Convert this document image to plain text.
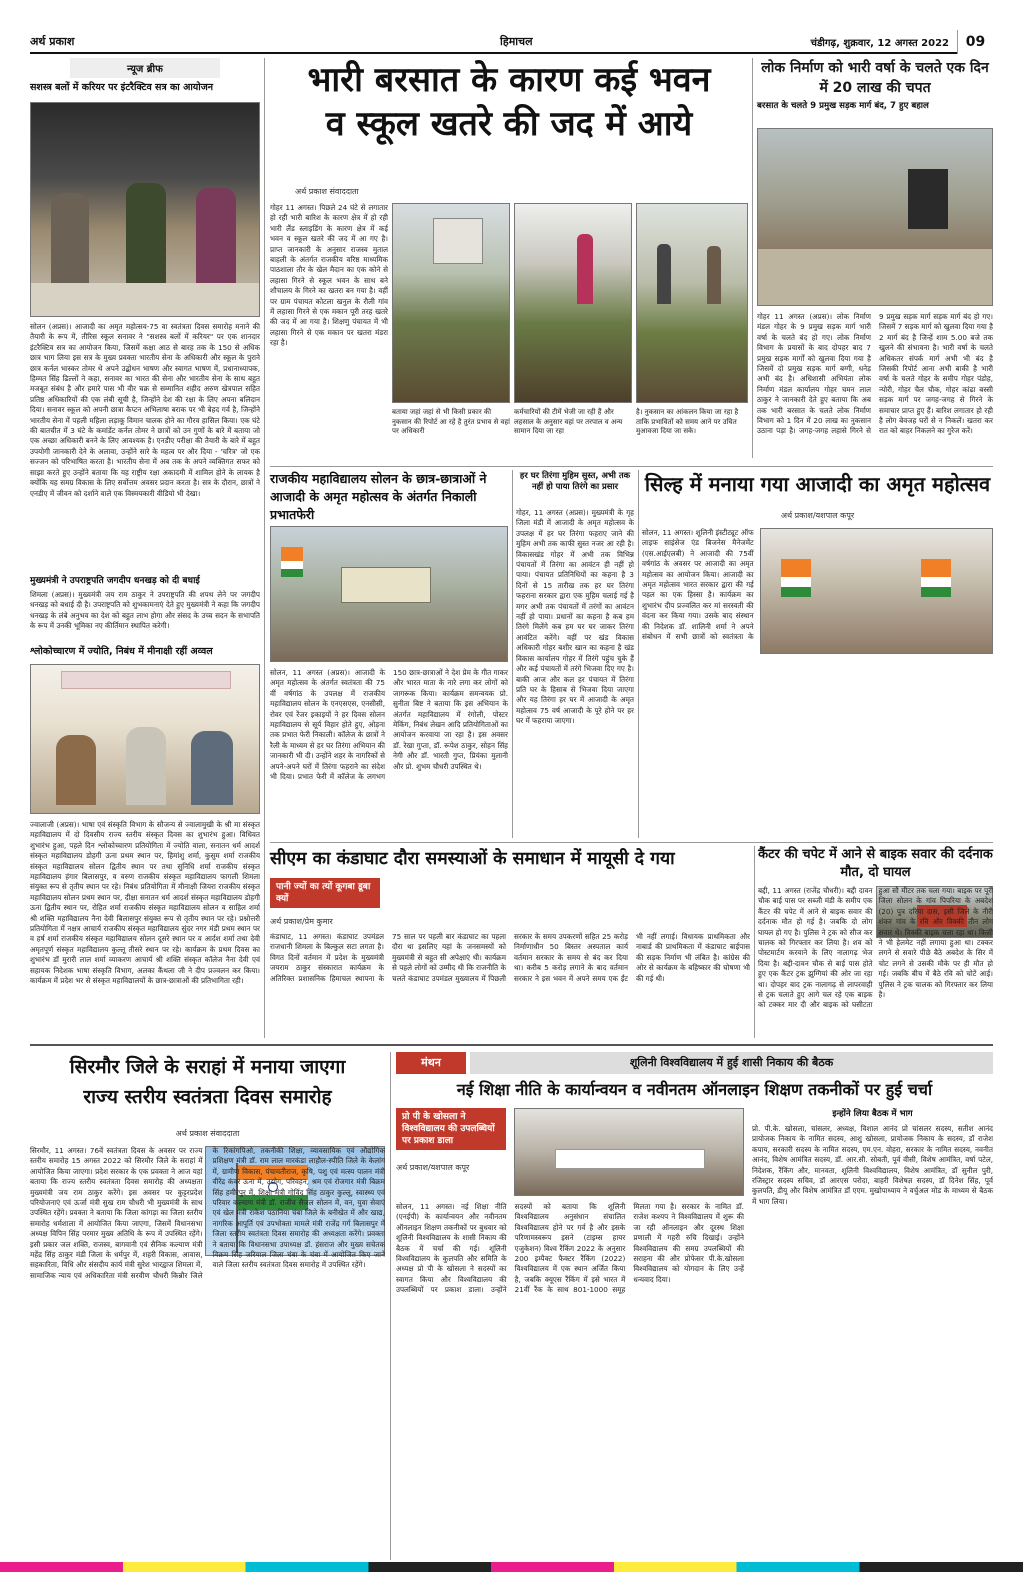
अर्थ प्रकाश	हिमाचल	चंडीगढ़, शुक्रवार, 12 अगस्त 2022	09
न्यूज ब्रीफ
सशस्त्र बलों में करियर पर इंटरैक्टिव सत्र का आयोजन
सोलन (अप्रस)। आजादी का अमृत महोत्सव-75 वा स्वतंत्रता दिवस समारोह मनाने की तैयारी के रूप में, तीरिस स्कूल सनावर ने "सशस्त्र बलों में करियर" पर एक शानदार इंटरैक्टिव सत्र का आयोजन किया, जिसमें कक्षा आठ से बारह तक के 150 से अधिक छात्र भाग लिया इस सत्र के मुख्य प्रवक्ता भारतीय सेना के अधिकारी और स्कूल के पुराने छात्र कर्नल भास्कर तोमर थे अपने उद्बोधन भाषण और स्वागत भाषण में, प्रधानाध्यापक, हिम्मत सिंह ढिल्लों ने कहा, सनावर का भारत की सेना और भारतीय सेना के साथ बहुत मजबूत संबंध है और हमारे पास भी वीर चक्र से सम्मानित शहीद अरुण खेत्रपाल सहित प्रतिष्ठ अधिकारियों की एक लंबी सूची है, जिन्होंने देश की रक्षा के लिए अपना बलिदान दिया। सनावर स्कूल को अपनी छात्रा कैप्टन अभिलाषा बराक पर भी बेहद गर्व है, जिन्होंने भारतीय सेना में पहली महिला लड़ाकू विमान चालक होने का गौरव हासिल किया। एक घंटे की बातचीत में 3 घंटे के कमांडेंट कर्नल तोमर ने छात्रों को उन गुणों के बारे में बताया जो एक अच्छा अधिकारी बनने के लिए आवश्यक है। एनडीए परीक्षा की तैयारी के बारे में बहुत उपयोगी जानकारी देने के अलावा, उन्होंने सारे के महत्व पर और दिया - 'चरित्र' जो एक सज्जन को परिभाषित करता है। भारतीय सेना में अब तक के अपने व्यक्तिगत सफर को साझा करते हुए उन्होंने बताया कि यह राष्ट्रीय रक्षा अकादमी में शामिल होने के लायक है क्योंकि यह समग्र विकास के लिए सर्वोत्तम अवसर प्रदान करता है। सत्र के दौरान, छात्रों ने एनडीए में जीवन को दर्शाने वाले एक विस्मयकारी वीडियो भी देखा।
मुख्यमंत्री ने उपराष्ट्रपति जगदीप धनखड़ को दी बधाई
शिमला (अप्रस)। मुख्यमंत्री जय राम ठाकुर ने उपराष्ट्रपति की शपथ लेने पर जगदीप धनखड़ को बधाई दी है। उपराष्ट्रपति को शुभकामनाएं देते हुए मुख्यमंत्री ने कहा कि जगदीप धनखड़ के लंबे अनुभव का देश को बहुत लाभ होगा और संसद के उच्च सदन के सभापति के रूप में उनकी भूमिका नए कीर्तिमान स्थापित करेगी।
श्लोकोच्चारण में ज्योति, निबंध में मीनाक्षी रहीं अव्वल
ज्वालाजी (अप्रस)। भाषा एवं संस्कृति विभाग के सौजन्य से ज्वालामुखी के श्री मा संस्कृत महाविद्यालय में दो दिवसीय राज्य स्तरीय संस्कृत दिवस का शुभारंभ हुआ। विधिवत शुभारंभ हुआ, पहले दिन श्लोकोच्चारण प्रतियोगिता में ज्योति वाला, सनातन धर्म आदर्श संस्कृत महाविद्यालय डोहगी ऊना प्रथम स्थान पर, हिमांशु शर्मा, कुसुम शर्मा राजकीय संस्कृत महाविद्यालय सोलन द्वितीय स्थान पर तथा सुनिधि शर्मा राजकीय संस्कृत महाविद्यालय हंगार बिलासपुर, व वरुण राजकीय संस्कृत महाविद्यालय फागली शिमला संयुक्त रूप से तृतीय स्थान पर रहे। निबंध प्रतियोगिता में मीनाक्षी जियरा राजकीय संस्कृत महाविद्यालय सोलन प्रथम स्थान पर, दीक्षा सनातन धर्म आदर्श संस्कृत महाविद्यालय डोहगी ऊना द्वितीय स्थान पर, रोहित शर्मा राजकीय संस्कृत महाविद्यालय सोलन व साहिल शर्मा श्री शक्ति महाविद्यालय नैना देवी बिलासपुर संयुक्त रूप से तृतीय स्थान पर रहे। प्रश्नोत्तरी प्रतियोगिता में नक्षत्र आचार्य राजकीय संस्कृत महाविद्यालय सुंदर नगर मंडी प्रथम स्थान पर व हर्ष शर्मा राजकीय संस्कृत महाविद्यालय सोलन दूसरे स्थान पर व आर्दश शर्मा तथा देवी अमृतपूर्ण संस्कृत महाविद्यालय कुल्लू तीसरे स्थान पर रहे। कार्यक्रम के प्रथम दिवस का शुभारंभ डॉ मुरारी लाल शर्मा व्याकरण आचार्य श्री शक्ति संस्कृत कॉलेज नैना देवी एवं सहायक निदेशक भाषा संस्कृति विभाग, अलका कैंथला जी ने दीप प्रज्वलन कर किया। कार्यक्रम में प्रदेश भर से संस्कृत महाविद्यालयों के छात्र-छात्राओं की प्रतिभागिता रही।
भारी बरसात के कारण कई भवन
व स्कूल खतरे की जद में आये
अर्थ प्रकाश संवाददाता
गोहर 11 अगस्त। पिछले 24 घंटे से लगातार हो रही भारी बारिश के कारण क्षेत्र में हो रही भारी लैंड स्लाइडिंग के कारण क्षेत्र में कई भवन व स्कूल खतरे की जद में आ गए है। प्राप्त जानकारी के अनुसार राजस्व मुताल बाहली के अंतर्गत राजकीय वरिष्ठ माध्यमिक पाठशाला तौर के खेल मैदान का एक कोने से लहासा गिरने से स्कूल भवन के साथ बने शौचालय के गिरने का खतरा बन गया है। वहीं पर ग्राम पंचायत कोटला खनुल के रौली गांव में लहासा गिरने से एक मकान पूरी तरह खतरे की जद में आ गया है। शिक्षणु पंचायत में भी लहासा गिरने से एक मकान पर खतरा मंडरा रहा है।
बताया जहां जहां से भी किसी प्रकार की नुकसान की रिपोर्ट आ रहे है तुरंत प्रभाव से वहां पर अधिकारी
कर्मचारियों की टीमें भेजी जा रही हैं और लहसाल के अनुसार वहां पर तरपाल व अन्य सामान दिया जा रहा
है। नुकसान का आंकलन किया जा रहा है ताकि प्रभावितों को समय आने पर उचित मुआवजा दिया जा सके।
लोक निर्माण को भारी वर्षा के चलते एक दिन में 20 लाख की चपत
बरसात के चलते 9 प्रमुख सड़क मार्ग बंद, 7 हुए बहाल
गोहर 11 अगस्त (अप्रस)। लोक निर्माण मंडल गोहर के 9 प्रमुख सड़क मार्ग भारी वर्षा के चलते बंद हो गए। लोक निर्माण विभाग के प्रयासों के बाद दोपहर बाद 7 प्रमुख सड़क मार्गों को खुलवा दिया गया है जिसमें दो प्रमुख सड़क मार्ग बग्गी, धनेड़ अभी बंद है। अधिशासी अभियंता लोक निर्माण मंडल कार्यालय गोहर चमन लाल ठाकुर ने जानकारी देते हुए बताया कि अब तक भारी बरसात के चलते लोक निर्माण विभाग को 1 दिन में 20 लाख का नुकसान उठाना पड़ा है। जगह-जगह लहासे गिरने से 9 प्रमुख सड़क मार्ग सड़क मार्ग बंद हो गए। जिसमें 7 सड़क मार्ग को खुलवा दिया गया है 2 मार्ग बंद है जिन्हें शाम 5.00 बजे तक खुलने की संभावना है। भारी वर्षा के चलते अधिकतर संपर्क मार्ग अभी भी बंद है जिसकी रिपोर्ट आना अभी बाकी है भारी वर्षा के चलते गोहर के समीप गोहर पंडोह, न्योरी, गोहर चैल चौक, गोहर कांढा बस्सी सड़क मार्ग पर जगह-जगह से गिरने के समाचार प्राप्त हुए हैं। बारिश लगातार हो रही है लोग बेवजह घरों से न निकलें। खतरा कर रात को बाहर निकलने का गुरेज करें।
राजकीय महाविद्यालय सोलन के छात्र-छात्राओं ने आजादी के अमृत महोत्सव के अंतर्गत निकाली प्रभातफेरी
सोलन, 11 अगस्त (अप्रस)। आजादी के अमृत महोत्सव के अंतर्गत स्वतंत्रता की 75 वीं वर्षगांठ के उपलक्ष में राजकीय महाविद्यालय सोलन के एनएसएस, एनसीसी, रोवर एवं रेंजर इकाइयों ने हर दिवस सोलन महाविद्यालय से सूर्य विहार होते हुए, ओड़ना तक प्रभात फेरी निकाली। कॉलेज के छात्रों ने रैली के माध्यम से हर घर तिरंगा अभियान की जानकारी भी दी। उन्होंने शहर के नागरिकों से अपने-अपने घरों में तिरंगा फहराने का संदेश भी दिया। प्रभात फेरी में कॉलेज के लगभग 150 छात्र-छात्राओं ने देश प्रेम के गीत गाकर और भारत माता के नारे लगा कर लोगों को जागरूक किया। कार्यक्रम समन्वयक प्रो. सुनीता बिष्ट ने बताया कि इस अभियान के अंतर्गत महाविद्यालय में रंगोली, पोस्टर मेकिंग, निबंध लेखन आदि प्रतियोगिताओं का आयोजन करवाया जा रहा है। इस अवसर डॉ. रेखा गुप्ता, डॉ. रूपेश ठाकुर, सोहन सिंह नेगी और डॉ. भारती गुप्त, प्रियंका मुलानी और प्रो. शुभम चौधरी उपस्थित थे।
हर घर तिरंगा मुहिम सुस्त, अभी तक नहीं हो पाया तिरंगे का प्रसार
गोहर, 11 अगस्त (अप्रस)। मुख्यमंत्री के गृह जिला मंडी में आजादी के अमृत महोत्सव के उपलक्ष में हर घर तिरंगा फहराए जाने की मुहिम अभी तक काफी सुस्त नजर आ रही है। विकासखंड गोहर में अभी तक विभिन्न पंचायतों में तिरंगा का आवंटन ही नहीं हो पाया। पंचायत प्रतिनिधियों का कहना है 3 दिनों से 15 तारीख तक हर घर तिरंगा फहराना सरकार द्वारा एक मुहिम चलाई गई है मगर अभी तक पंचायतों में तरंगों का आवंटन नहीं हो पाया। प्रधानों का कहना है कब हम तिरंगे मिलेंगे कब हम घर घर जाकर तिरंगा आवंटित करेंगे। वहीं पर खंड विकास अधिकारी गोहर बशीर खान का कहना है खंड विकास कार्यालय गोहर में तिरंगे पहुंच चुके हैं और कई पंचायतों में तरंगे भिजवा दिए गए है। बाकी आज और कल हर पंचायत में तिरंगा प्रति घर के हिसाब से भिजवा दिया जाएगा और यह तिरंगा हर घर में आजादी के अमृत महोत्सव 75 वर्ष आजादी के पूरे होने पर हर घर में फहराया जाएगा।
सिल्ह में मनाया गया आजादी का अमृत महोत्सव
अर्थ प्रकाश/यशपाल कपूर
सोलन, 11 अगस्त। शूलिनी इंस्टीट्यूट ऑफ लाइफ साइंसेज एंड बिजनेस मैनेजमेंट (एस.आईएलबी) ने आजादी की 75वीं वर्षगांठ के अवसर पर आजादी का अमृत महोत्सव का आयोजन किया। आजादी का अमृत महोत्सव भारत सरकार द्वारा की गई पहल का एक हिस्सा है। कार्यक्रम का शुभारंभ दीप प्रज्वलित कर मां सरस्वती की वंदना कर किया गया। उसके बाद संस्थान की निदेशक डॉ. शालिनी शर्मा ने अपने संबोधन में सभी छात्रों को स्वतंत्रता के
सीएम का कंडाघाट दौरा समस्याओं के समाधान में मायूसी दे गया
पानी ज्यों का त्यों कूगबा डूबा क्यों
अर्थ प्रकाश/प्रेम कुमार
कंडाघाट, 11 अगस्त। कंडाघाट उपमंडल राजधानी शिमला के बिल्कुल सटा लगता है। विगत दिनों वर्तमान में प्रदेश के मुख्यमंत्री जयराम ठाकुर संस्कारात कार्यक्रम के अतिरिक्त प्रशासनिक हिमाचल स्थापना के 75 साल पर पहली बार कंडाघाट का पहला दौरा था इसलिए यहां के जनसमस्यों को मुख्यमंत्री से बहुत सी अपेक्षाएं थी। कार्यक्रम से पहले लोगों को उम्मीद थी कि राजनीति के चलते कंडाघाट उपमंडल मुख्यालय में पिछली सरकार के समय उपकरणों सहित 25 करोड़ निर्माणाधीन 50 बिस्तर अस्पताल कार्य वर्तमान सरकार के समय से बंद कर दिया था। करीब 5 करोड़ लगाने के बाद वर्तमान सरकार ने इस भवन में अपने समय एक ईंट भी नहीं लगाई। विधायक प्राथमिकता और नाबार्ड की प्राथमिकता में कंडाघाट बाईपास की सड़क निर्माण भी लंबित है। कांग्रेस की ओर से कार्यक्रम के बहिष्कार की घोषणा भी की गई थी।
कैंटर की चपेट में आने से बाइक सवार की दर्दनाक मौत, दो घायल
बद्दी, 11 अगस्त (राजेंद्र चौधरी)। बद्दी दावन चौक बाई पास पर सब्जी मंडी के समीप एक कैंटर की चपेट में आने से बाइक सवार की दर्दनाक मौत हो गई है। जबकि दो लोग घायल हो गए है। पुलिस ने ट्रक को सीज कर चालक को गिरफ्तार कर लिया है। शव को पोस्टमार्टम करवाने के लिए नालागढ़ भेज दिया है। बद्दी-दावन चौक से बाई पास होते हुए एक कैंटर ट्रक झुग्गियां की ओर जा रहा था। दोपहर बाद ट्रक नालागढ़ से लापरवाही से ट्रक चलाते हुए आगे चल रहे एक बाइक को टक्कर मार दी और बाइक को घसीटता हुआ सौ मीटर तक चला गया। बाइक पर पूरी जिला सोलन के गांव पिपरिया के अबदेश (20) पुत्र दरिया दास, इसी जिले के नीरी शंकर गांव के रवि और विक्की तीन लोग सवार थे। विक्की बाइक चला रहा था। किसी ने भी हेलमेट नहीं लगाया हुआ था। टक्कर लगने से सवारे पीछे बैठे अबदेश के सिर में चोट लगने से उसकी मौके पर ही मौत हो गई। जबकि बीच में बैठे रवि को चोटें आई। पुलिस ने ट्रक चालक को गिरफ्तार कर लिया है।
सिरमौर जिले के सराहां में मनाया जाएगा
राज्य स्तरीय स्वतंत्रता दिवस समारोह
अर्थ प्रकाश संवाददाता
सिरमौर, 11 अगस्त। 76वें स्वतंत्रता दिवस के अवसर पर राज्य स्तरीय समारोह 15 अगस्त 2022 को सिरमौर जिले के सराहां में आयोजित किया जाएगा। प्रदेश सरकार के एक प्रवक्ता ने आज यहां बताया कि राज्य स्तरीय स्वतंत्रता दिवस समारोह की अध्यक्षता मुख्यमंत्री जय राम ठाकुर करेंगे। इस अवसर पर कुट्टरप्रदेश परियोजनाएं एवं ऊर्जा मंत्री सुख राम चौधरी भी मुख्यमंत्री के साथ उपस्थित रहेंगे। प्रवक्ता ने बताया कि जिला कांगड़ा का जिला स्तरीय समारोह धर्मशाला में आयोजित किया जाएगा, जिसमें विधानसभा अध्यक्ष विपिन सिंह परमार मुख्य अतिथि के रूप में उपस्थित रहेंगे। इसी प्रकार जल शक्ति, राजस्व, बागवानी एवं सैनिक कल्याण मंत्री महेंद्र सिंह ठाकुर मंडी जिला के धर्मपुर में, शहरी विकास, आवास, सहकारिता, विधि और संसदीय कार्य मंत्री सुरेश भारद्वाज शिमला में, सामाजिक न्याय एवं अधिकारिता मंत्री सरवीण चौधरी किन्नौर जिले के रिकांगपिओ, तकनीकी शिक्षा, व्यावसायिक एवं औद्योगिक प्रशिक्षण मंत्री डॉ. राम लाल मारकंडा लाहौल-स्पीति जिले के केलांग में, ग्रामीण विकास, पंचायतीराज, कृषि, पशु एवं मत्स्य पालन मंत्री वीरेंद्र कंवर ऊना में, उद्योग, परिवहन, श्रम एवं रोजगार मंत्री बिक्रम सिंह हमीरपुर में, शिक्षा मंत्री गोविंद सिंह ठाकुर कुल्लू, स्वास्थ्य एवं परिवार कल्याण मंत्री डॉ. राजीव सैजल सोलन में, वन, युवा सेवाएं एवं खेल मंत्री राकेश पठानिया चंबा जिले के बनीखेत में और खाद्य, नागरिक आपूर्ति एवं उपभोक्ता मामले मंत्री राजेंद्र गर्ग बिलासपुर में जिला स्तरीय स्वतंत्रता दिवस समारोह की अध्यक्षता करेंगे। प्रवक्ता ने बताया कि विधानसभा उपाध्यक्ष डॉ. हंसराज और मुख्य सचेतक विक्रम सिंह जरियाल जिला चंबा के चंबा में आयोजित किए जाने वाले जिला स्तरीय स्वतंत्रता दिवस समारोह में उपस्थित रहेंगे।
मंथन	शूलिनी विश्वविद्यालय में हुई शासी निकाय की बैठक
नई शिक्षा नीति के कार्यान्वयन व नवीनतम ऑनलाइन शिक्षण तकनीकों पर हुई चर्चा
प्रो पी के खोसला ने विश्वविद्यालय की उपलब्धियों पर प्रकाश डाला
अर्थ प्रकाश/यशपाल कपूर
इन्होंने लिया बैठक में भाग
प्रो. पी.के. खोसला, चांसलर, अध्यक्ष, विशाल आनंद प्रो चांसलर सदस्य, सतीश आनंद प्रायोजक निकाय के नामित सदस्य, आशु खोसला, प्रायोजक निकाय के सदस्य, डॉ राजेश कपाय, सरकारी सदस्य के नामित सदस्य, एम.एन. वोहरा, सरकार के नामित सदस्य, नवनीत आनंद, विशेष आमंत्रित सदस्य, डॉ. आर.सी. सोबती, पूर्व वीसी, विशेष आमंत्रित, वर्षा पटेल, निदेशक, रैंकिंग और, मानवता, शूलिनी विश्वविद्यालय, विशेष आमंत्रित, डॉ सुनील पुरी, रजिस्ट्रार सदस्य सचिव, डॉ आरएस परोदा, बाहरी विशेषज्ञ सदस्य, डॉ दिनेश सिंह, पूर्व कुलपति, डीयू और विशेष आमंत्रित डॉ एएम. मुखोपाध्याय ने वर्चुअल मोड के माध्यम से बैठक में भाग लिया।
सोलन, 11 अगस्त। नई शिक्षा नीति (एनईपी) के कार्यान्वयन और नवीनतम ऑनलाइन शिक्षण तकनीकों पर बुधवार को शूलिनी विश्वविद्यालय के शासी निकाय की बैठक में चर्चा की गई। शूलिनी विश्वविद्यालय के कुलपति और समिति के अध्यक्ष प्रो पी के खोसला ने सदस्यों का स्वागत किया और विश्वविद्यालय की उपलब्धियों पर प्रकाश डाला। उन्होंने सदस्यों को बताया कि शूलिनी विश्वविद्यालय अनुसंधान संचालित विश्वविद्यालय होने पर गर्व है और इसके परिणामस्वरूप इसने (टाइम्स हायर एजुकेशन) विश्व रैंकिंग 2022 के अनुसार 200 इम्पैक्ट फैक्टर रैंकिंग (2022) विश्वविद्यालय में एक स्थान अर्जित किया है, जबकि क्यूएस रैंकिंग में इसे भारत में 21वीं रैंक के साथ 801-1000 समूह मिलता गया है। सरकार के नामित डॉ. राजेश कश्यप ने विश्वविद्यालय में शुरू की जा रही ऑनलाइन और दूरस्थ शिक्षा प्रणाली में गहरी रुचि दिखाई। उन्होंने विश्वविद्यालय की समग्र उपलब्धियों की सराहना की और प्रोफेसर पी.के.खोसला विश्वविद्यालय को योगदान के लिए उन्हें धन्यवाद दिया।
